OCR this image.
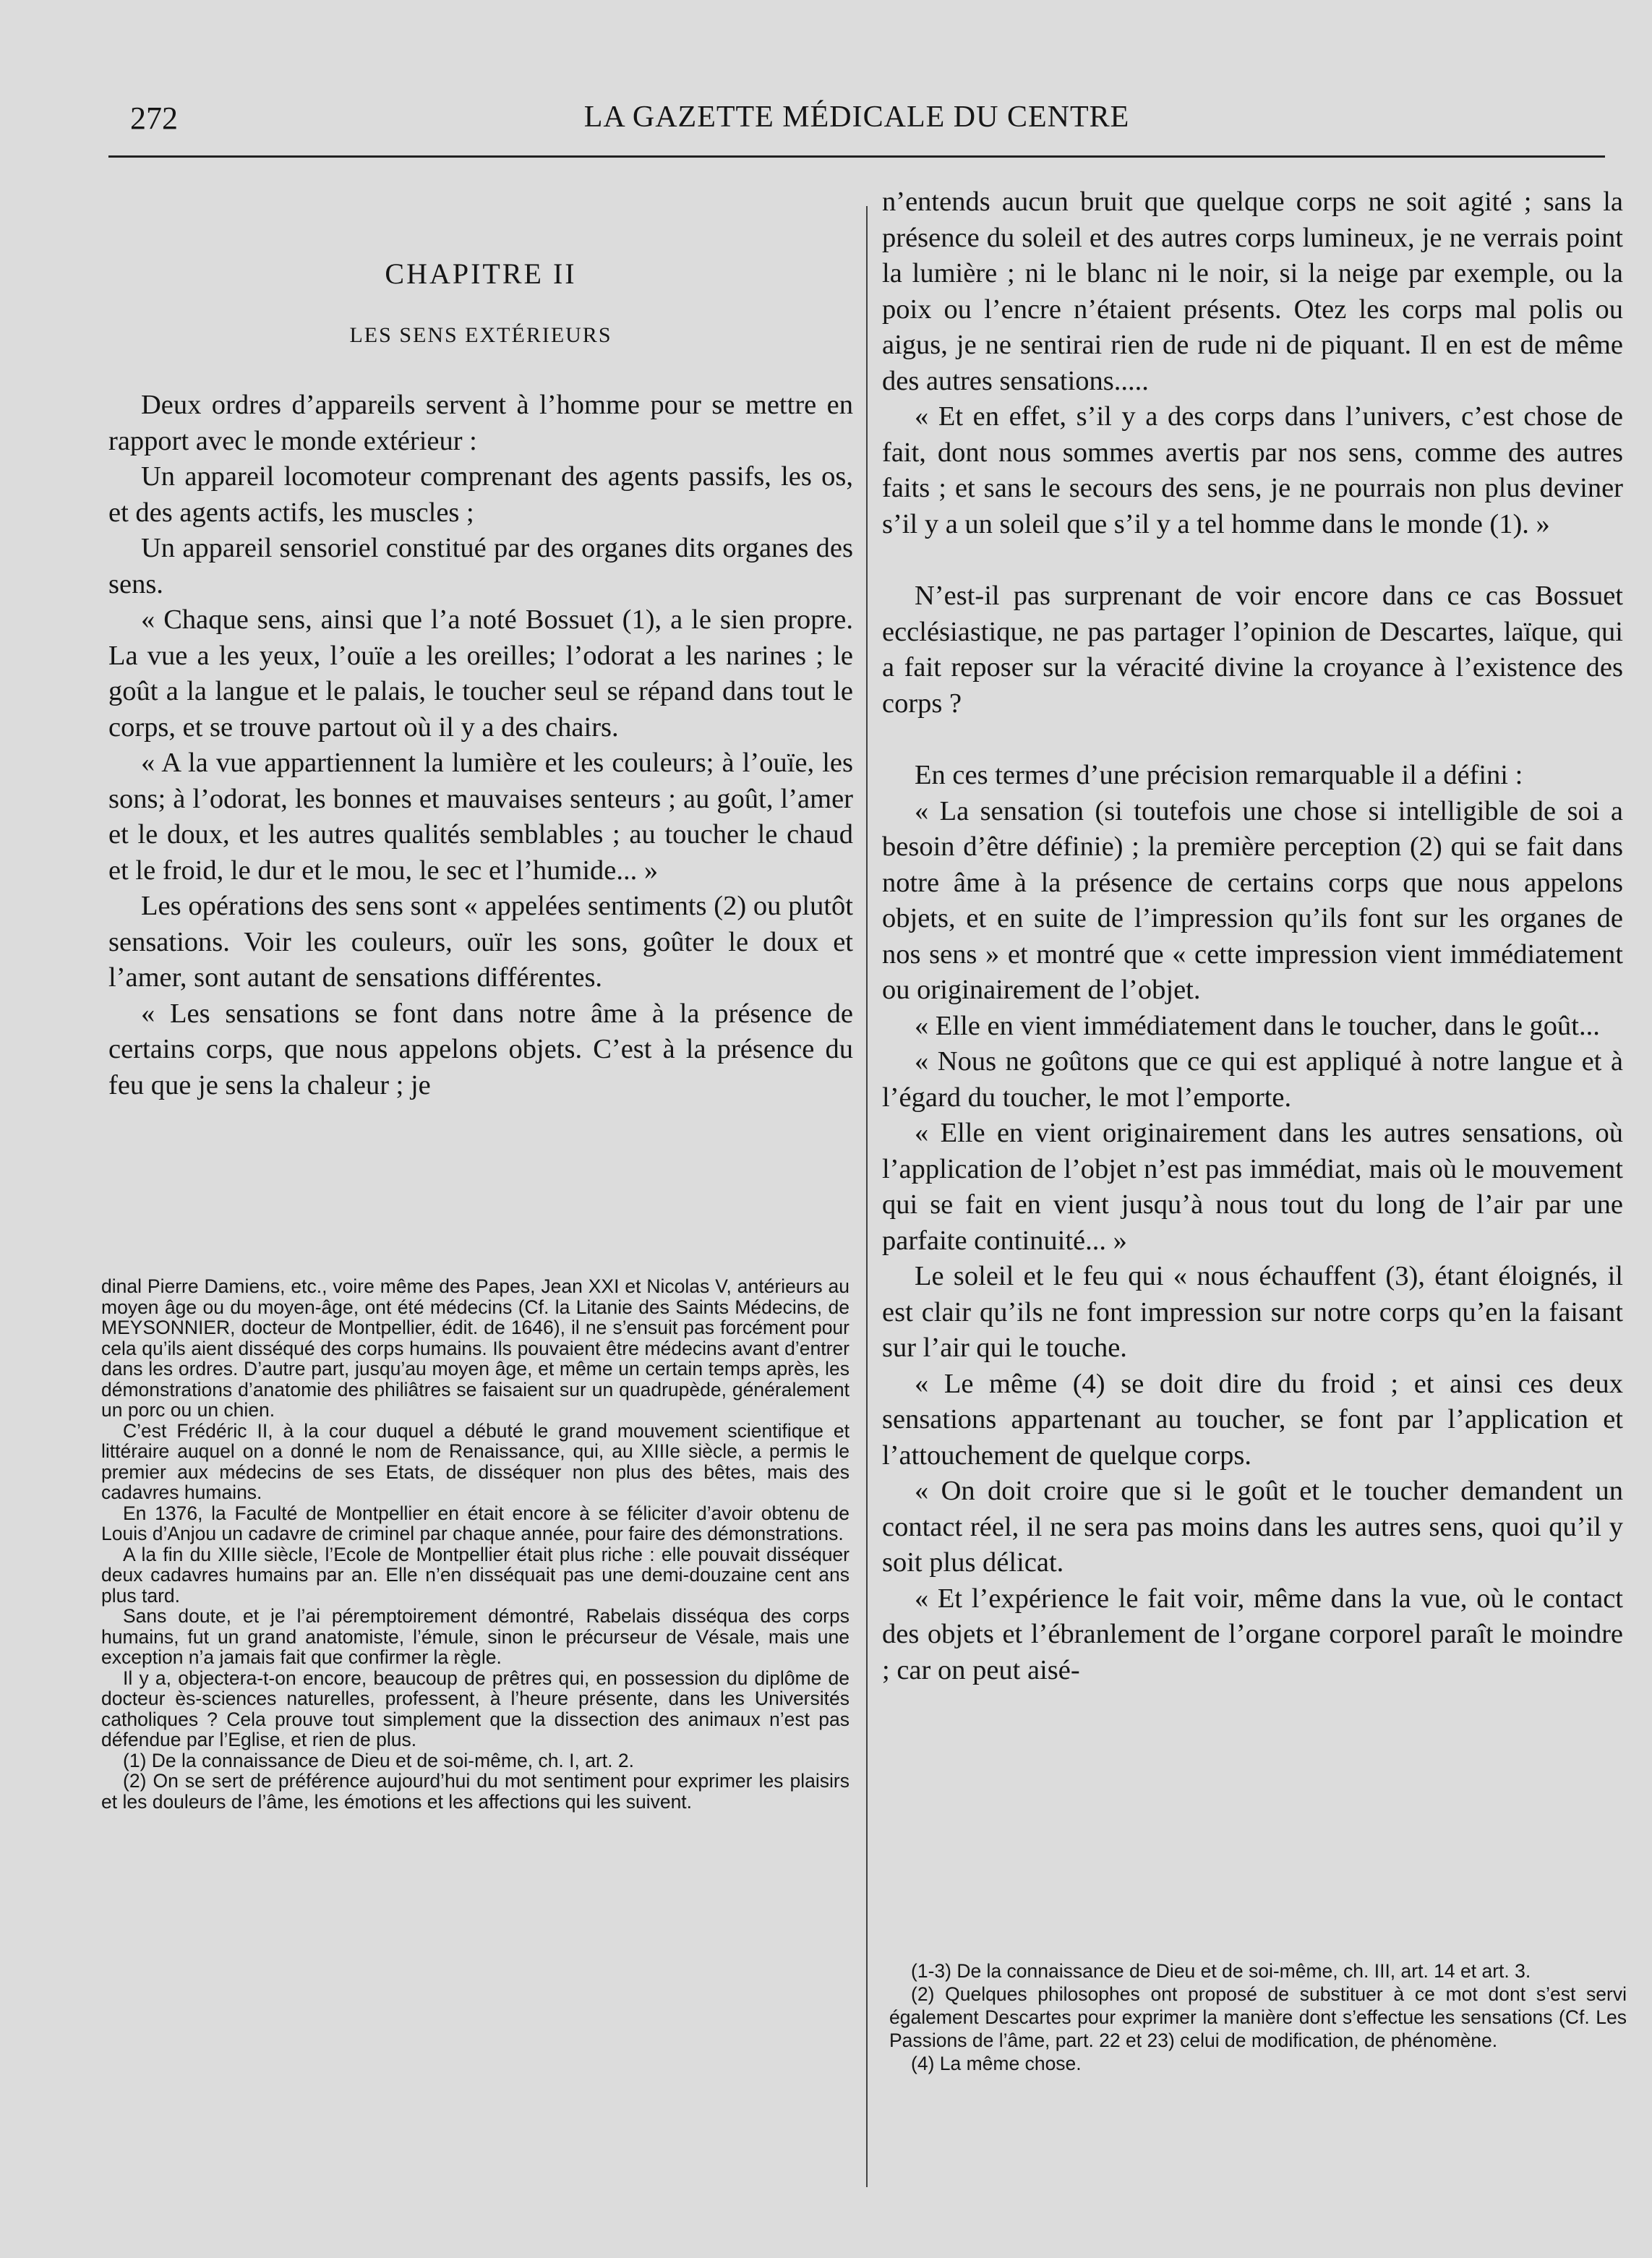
272	LA GAZETTE MÉDICALE DU CENTRE
CHAPITRE II
LES SENS EXTÉRIEURS

Deux ordres d’appareils servent à l’homme pour se mettre en rapport avec le monde extérieur :

Un appareil locomoteur comprenant des agents passifs, les os, et des agents actifs, les muscles ;

Un appareil sensoriel constitué par des organes dits organes des sens.

« Chaque sens, ainsi que l’a noté Bossuet (1), a le sien propre. La vue a les yeux, l’ouïe a les oreilles; l’odorat a les narines ; le goût a la langue et le palais, le toucher seul se répand dans tout le corps, et se trouve partout où il y a des chairs.

« A la vue appartiennent la lumière et les couleurs; à l’ouïe, les sons; à l’odorat, les bonnes et mauvaises senteurs ; au goût, l’amer et le doux, et les autres qualités semblables ; au toucher le chaud et le froid, le dur et le mou, le sec et l’humide... »

Les opérations des sens sont « appelées sentiments (2) ou plutôt sensations. Voir les couleurs, ouïr les sons, goûter le doux et l’amer, sont autant de sensations différentes.

« Les sensations se font dans notre âme à la présence de certains corps, que nous appelons objets. C’est à la présence du feu que je sens la chaleur ; je

dinal Pierre Damiens, etc., voire même des Papes, Jean XXI et Nicolas V, antérieurs au moyen âge ou du moyen-âge, ont été médecins (Cf. la Litanie des Saints Médecins, de MEYSONNIER, docteur de Montpellier, édit. de 1646), il ne s’ensuit pas forcément pour cela qu’ils aient disséqué des corps humains. Ils pouvaient être médecins avant d’entrer dans les ordres. D’autre part, jusqu’au moyen âge, et même un certain temps après, les démonstrations d’anatomie des philiâtres se faisaient sur un quadrupède, généralement un porc ou un chien.

C’est Frédéric II, à la cour duquel a débuté le grand mouvement scientifique et littéraire auquel on a donné le nom de Renaissance, qui, au XIIIe siècle, a permis le premier aux médecins de ses Etats, de disséquer non plus des bêtes, mais des cadavres humains.

En 1376, la Faculté de Montpellier en était encore à se féliciter d’avoir obtenu de Louis d’Anjou un cadavre de criminel par chaque année, pour faire des démonstrations.

A la fin du XIIIe siècle, l’Ecole de Montpellier était plus riche : elle pouvait disséquer deux cadavres humains par an. Elle n’en disséquait pas une demi-douzaine cent ans plus tard.

Sans doute, et je l’ai péremptoirement démontré, Rabelais disséqua des corps humains, fut un grand anatomiste, l’émule, sinon le précurseur de Vésale, mais une exception n’a jamais fait que confirmer la règle.

Il y a, objectera-t-on encore, beaucoup de prêtres qui, en possession du diplôme de docteur ès-sciences naturelles, professent, à l’heure présente, dans les Universités catholiques ? Cela prouve tout simplement que la dissection des animaux n’est pas défendue par l’Eglise, et rien de plus.

(1) De la connaissance de Dieu et de soi-même, ch. I, art. 2.

(2) On se sert de préférence aujourd’hui du mot sentiment pour exprimer les plaisirs et les douleurs de l’âme, les émotions et les affections qui les suivent.

n’entends aucun bruit que quelque corps ne soit agité ; sans la présence du soleil et des autres corps lumineux, je ne verrais point la lumière ; ni le blanc ni le noir, si la neige par exemple, ou la poix ou l’encre n’étaient présents. Otez les corps mal polis ou aigus, je ne sentirai rien de rude ni de piquant. Il en est de même des autres sensations.....

« Et en effet, s’il y a des corps dans l’univers, c’est chose de fait, dont nous sommes avertis par nos sens, comme des autres faits ; et sans le secours des sens, je ne pourrais non plus deviner s’il y a un soleil que s’il y a tel homme dans le monde (1). »

N’est-il pas surprenant de voir encore dans ce cas Bossuet ecclésiastique, ne pas partager l’opinion de Descartes, laïque, qui a fait reposer sur la véracité divine la croyance à l’existence des corps ?

En ces termes d’une précision remarquable il a défini :

« La sensation (si toutefois une chose si intelligible de soi a besoin d’être définie) ; la première perception (2) qui se fait dans notre âme à la présence de certains corps que nous appelons objets, et en suite de l’impression qu’ils font sur les organes de nos sens » et montré que « cette impression vient immédiatement ou originairement de l’objet.

« Elle en vient immédiatement dans le toucher, dans le goût...

« Nous ne goûtons que ce qui est appliqué à notre langue et à l’égard du toucher, le mot l’emporte.

« Elle en vient originairement dans les autres sensations, où l’application de l’objet n’est pas immédiat, mais où le mouvement qui se fait en vient jusqu’à nous tout du long de l’air par une parfaite continuité... »

Le soleil et le feu qui « nous échauffent (3), étant éloignés, il est clair qu’ils ne font impression sur notre corps qu’en la faisant sur l’air qui le touche.

« Le même (4) se doit dire du froid ; et ainsi ces deux sensations appartenant au toucher, se font par l’application et l’attouchement de quelque corps.

« On doit croire que si le goût et le toucher demandent un contact réel, il ne sera pas moins dans les autres sens, quoi qu’il y soit plus délicat.

« Et l’expérience le fait voir, même dans la vue, où le contact des objets et l’ébranlement de l’organe corporel paraît le moindre ; car on peut aisé-

(1-3) De la connaissance de Dieu et de soi-même, ch. III, art. 14 et art. 3.

(2) Quelques philosophes ont proposé de substituer à ce mot dont s’est servi également Descartes pour exprimer la manière dont s’effectue les sensations (Cf. Les Passions de l’âme, part. 22 et 23) celui de modification, de phénomène.

(4) La même chose.
